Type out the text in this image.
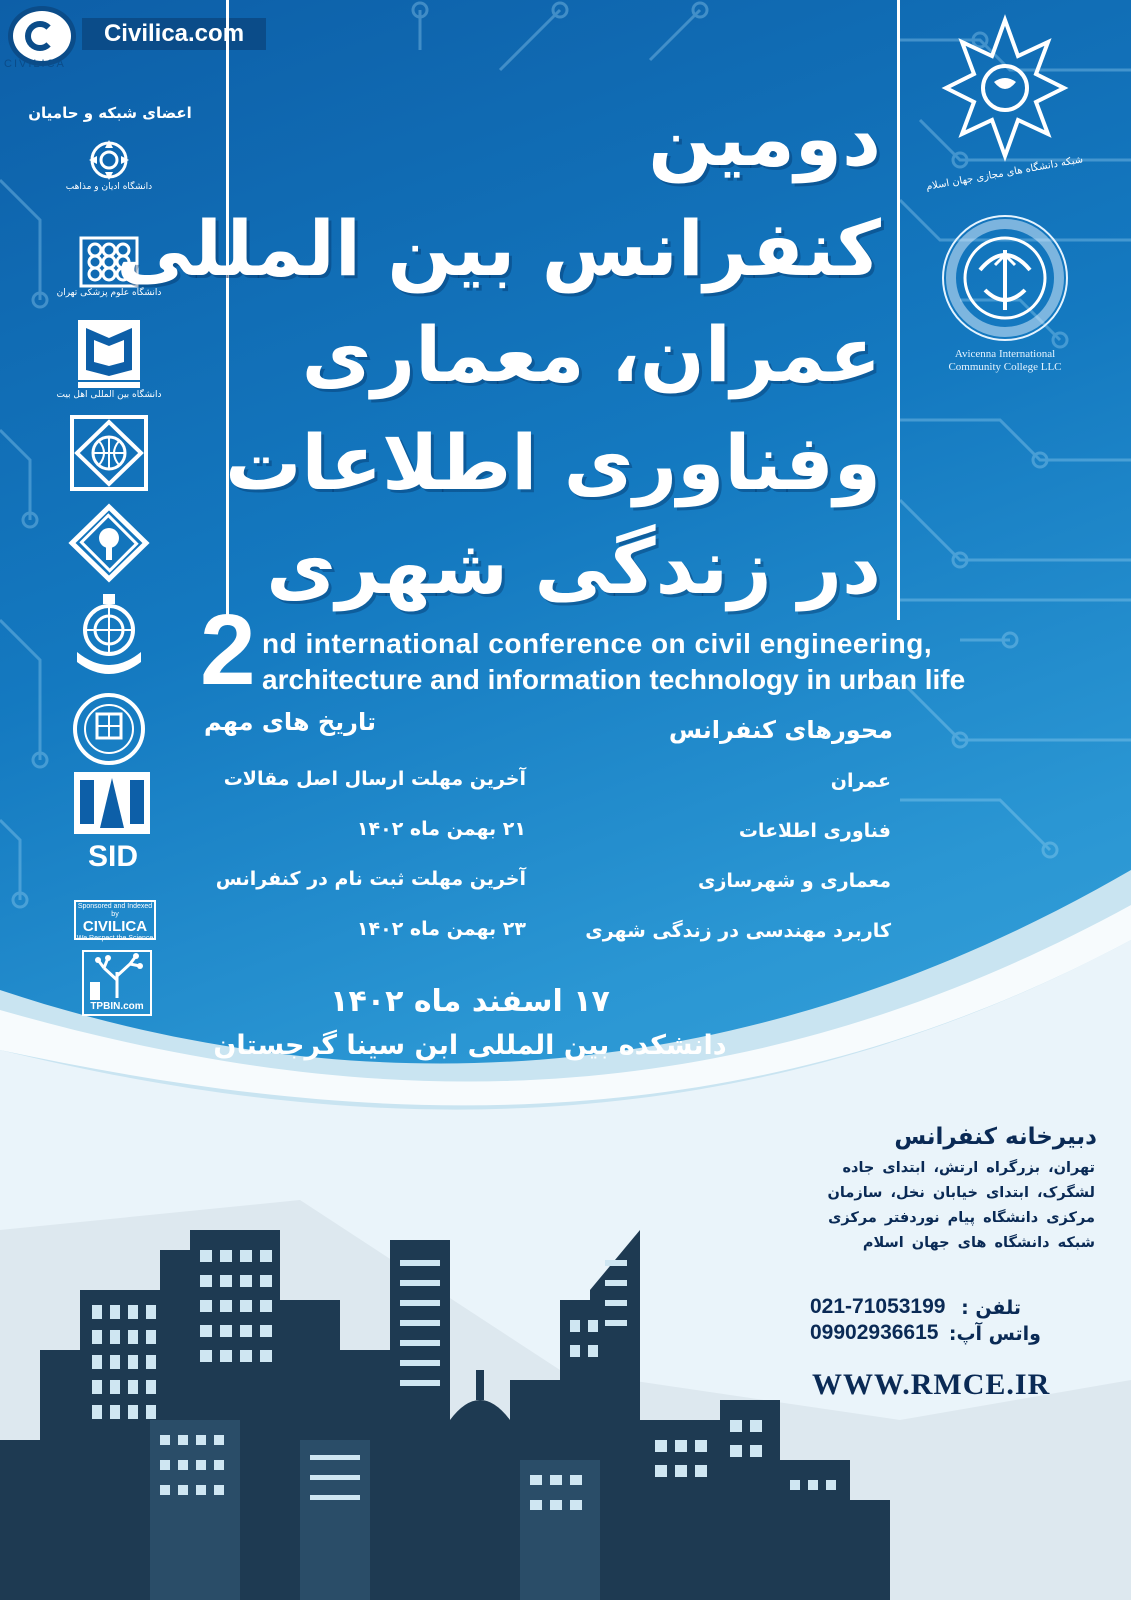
CIVILICA
Civilica.com
اعضای شبکه و حامیان
دانشگاه ادیان و مذاهب
دانشگاه علوم پزشکی تهران
دانشگاه بین المللی اهل بیت
SID
Sponsored and Indexed by
CIVILICA
We Respect the Science
TPBIN.com
دومین
کنفرانس بین المللی
عمران، معماری
وفناوری اطلاعات
در زندگی شهری
2 nd international conference on civil engineering,
architecture and information technology in urban life
شبکه دانشگاه های مجازی جهان اسلام
Avicenna International
Community College LLC
تاریخ های مهم
آخرین مهلت ارسال اصل مقالات
۲۱ بهمن ماه ۱۴۰۲
آخرین مهلت ثبت نام در کنفرانس
۲۳ بهمن ماه ۱۴۰۲
محورهای کنفرانس
عمران
فناوری اطلاعات
معماری و شهرسازی
کاربرد مهندسی در زندگی شهری
۱۷ اسفند ماه ۱۴۰۲
دانشکده بین المللی ابن سینا گرجستان
دبیرخانه کنفرانس
تهران، بزرگراه ارتش، ابتدای جاده
لشگرک، ابتدای خیابان نخل، سازمان
مرکزی دانشگاه پیام نوردفتر مرکزی
شبکه دانشگاه های جهان اسلام
تلفن :
021-71053199
واتس آپ:
09902936615
WWW.RMCE.IR
